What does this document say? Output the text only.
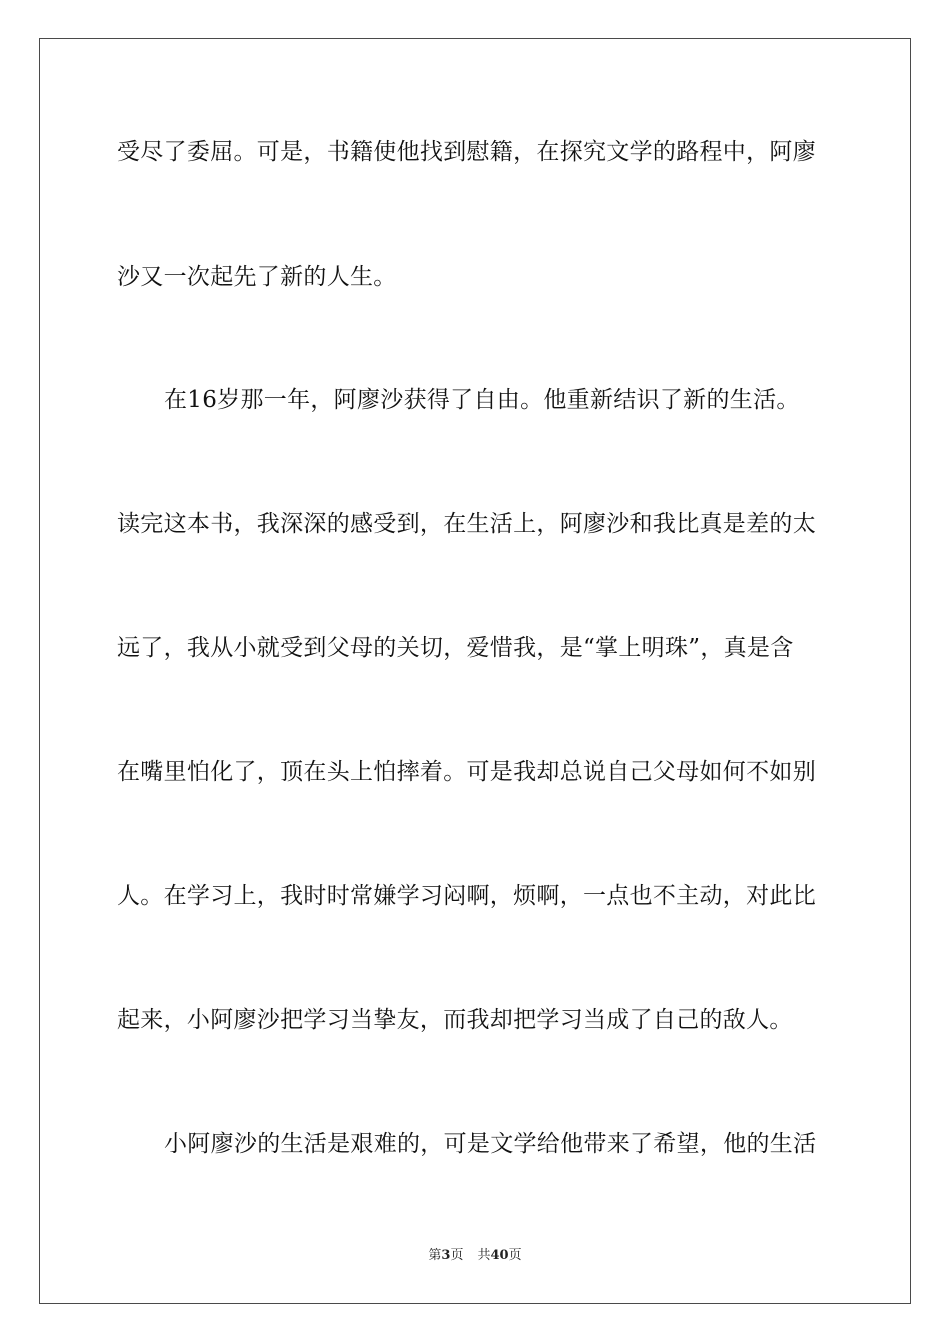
受尽了委屈。可是，书籍使他找到慰籍，在探究文学的路程中，阿廖
沙又一次起先了新的人生。
在16岁那一年，阿廖沙获得了自由。他重新结识了新的生活。
读完这本书，我深深的感受到，在生活上，阿廖沙和我比真是差的太
远了，我从小就受到父母的关切，爱惜我，是“掌上明珠”，真是含
在嘴里怕化了，顶在头上怕摔着。可是我却总说自己父母如何不如别
人。在学习上，我时时常嫌学习闷啊，烦啊，一点也不主动，对此比
起来，小阿廖沙把学习当挚友，而我却把学习当成了自己的敌人。
小阿廖沙的生活是艰难的，可是文学给他带来了希望，他的生活
第3页 共40页
